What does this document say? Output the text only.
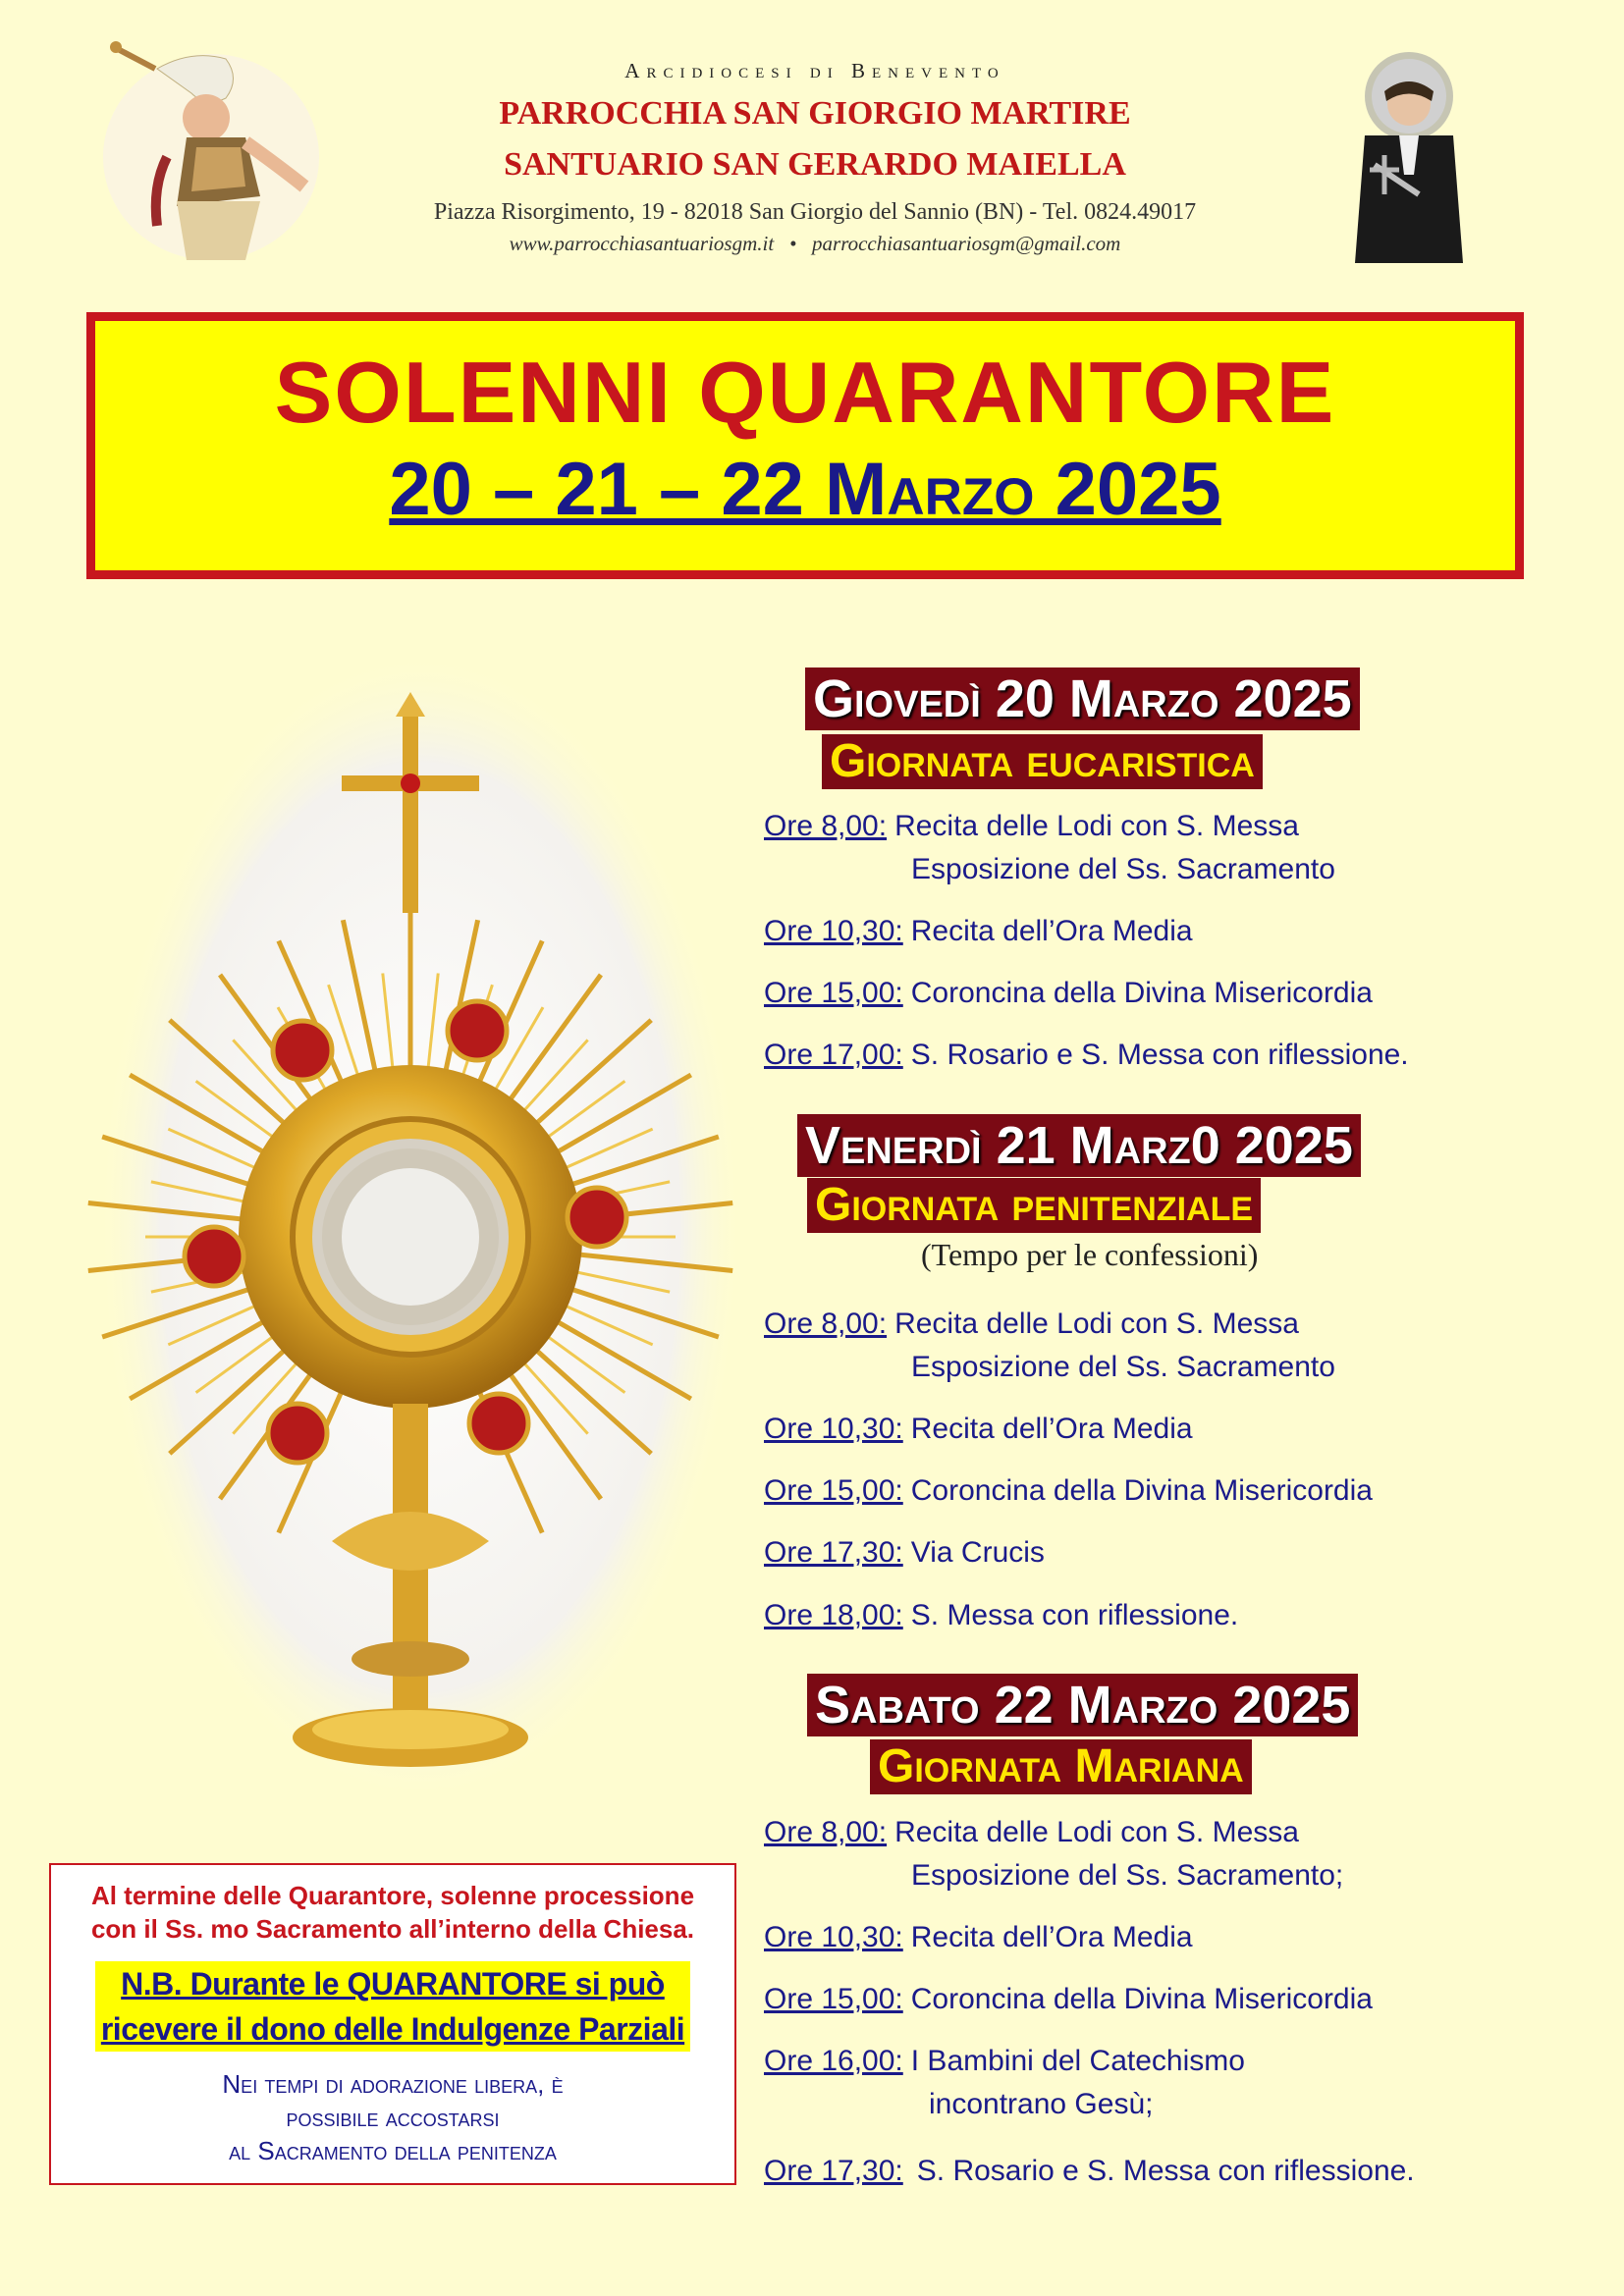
Arcidiocesi di Benevento
PARROCCHIA SAN GIORGIO MARTIRE
SANTUARIO SAN GERARDO MAIELLA
Piazza Risorgimento, 19 - 82018 San Giorgio del Sannio (BN) - Tel. 0824.49017
www.parrocchiasantuariosgm.it • parrocchiasantuariosgm@gmail.com
SOLENNI QUARANTORE
20 – 21 – 22 Marzo 2025
Giovedì 20 Marzo 2025
Giornata eucaristica
Ore 8,00: Recita delle Lodi con S. Messa
Esposizione del Ss. Sacramento
Ore 10,30: Recita dell’Ora Media
Ore 15,00: Coroncina della Divina Misericordia
Ore 17,00: S. Rosario e S. Messa con riflessione.
Venerdì 21 Marz0 2025
Giornata penitenziale
(Tempo per le confessioni)
Ore 8,00: Recita delle Lodi con S. Messa
Esposizione del Ss. Sacramento
Ore 10,30: Recita dell’Ora Media
Ore 15,00: Coroncina della Divina Misericordia
Ore 17,30: Via Crucis
Ore 18,00: S. Messa con riflessione.
Sabato 22 Marzo 2025
Giornata Mariana
Ore 8,00: Recita delle Lodi con S. Messa
Esposizione del Ss. Sacramento;
Ore 10,30: Recita dell’Ora Media
Ore 15,00: Coroncina della Divina Misericordia
Ore 16,00: I Bambini del Catechismo
incontrano Gesù;
Ore 17,30: S. Rosario e S. Messa con riflessione.
Al termine delle Quarantore, solenne processione
con il Ss. mo Sacramento all’interno della Chiesa.
N.B. Durante le QUARANTORE si può
ricevere il dono delle Indulgenze Parziali
Nei tempi di adorazione libera, è
possibile accostarsi
al Sacramento della penitenza
